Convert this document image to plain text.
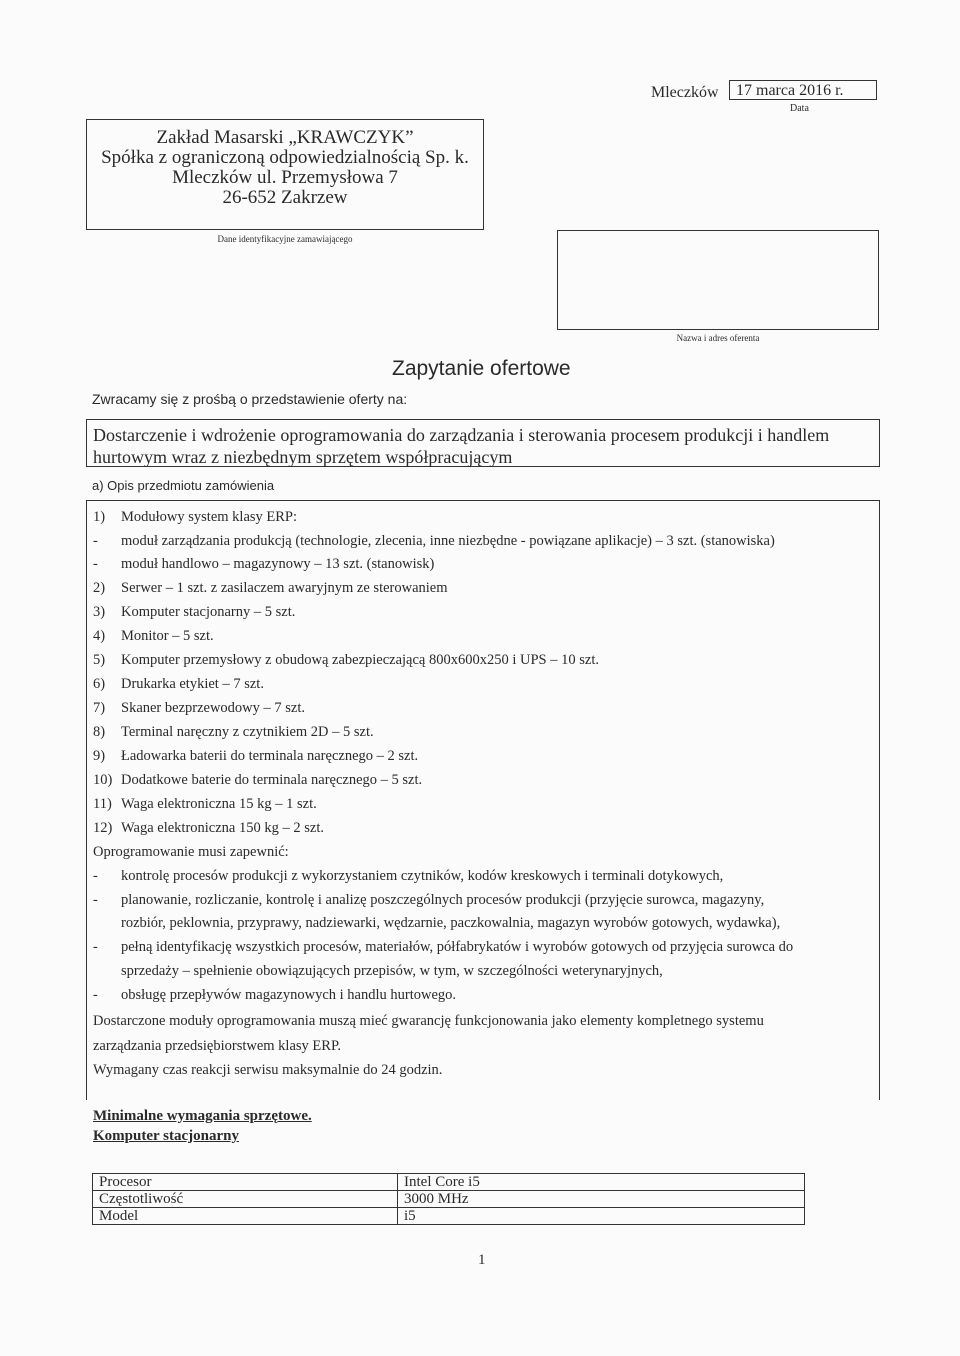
Mleczków	17 marca 2016 r.
Data
Zakład Masarski „KRAWCZYK”
Spółka z ograniczoną odpowiedzialnością Sp. k.
Mleczków ul. Przemysłowa 7
26-652 Zakrzew
Dane identyfikacyjne zamawiającego
Nazwa i adres oferenta
Zapytanie ofertowe
Zwracamy się z prośbą o przedstawienie oferty na:
Dostarczenie i wdrożenie oprogramowania do zarządzania i sterowania procesem produkcji i handlem hurtowym wraz z niezbędnym sprzętem współpracującym
a) Opis przedmiotu zamówienia
1) Modułowy system klasy ERP:
- moduł zarządzania produkcją (technologie, zlecenia, inne niezbędne - powiązane aplikacje) – 3 szt. (stanowiska)
- moduł handlowo – magazynowy – 13 szt. (stanowisk)
2) Serwer – 1 szt. z zasilaczem awaryjnym ze sterowaniem
3) Komputer stacjonarny – 5 szt.
4) Monitor – 5 szt.
5) Komputer przemysłowy z obudową zabezpieczającą 800x600x250 i UPS – 10 szt.
6) Drukarka etykiet – 7 szt.
7) Skaner bezprzewodowy – 7 szt.
8) Terminal naręczny z czytnikiem 2D – 5 szt.
9) Ładowarka baterii do terminala naręcznego – 2 szt.
10) Dodatkowe baterie do terminala naręcznego – 5 szt.
11) Waga elektroniczna 15 kg – 1 szt.
12) Waga elektroniczna 150 kg – 2 szt.
Oprogramowanie musi zapewnić:
- kontrolę procesów produkcji z wykorzystaniem czytników, kodów kreskowych i terminali dotykowych,
- planowanie, rozliczanie, kontrolę i analizę poszczególnych procesów produkcji (przyjęcie surowca, magazyny,
rozbiór, peklownia, przyprawy, nadziewarki, wędzarnie, paczkowalnia, magazyn wyrobów gotowych, wydawka),
- pełną identyfikację wszystkich procesów, materiałów, półfabrykatów i wyrobów gotowych od przyjęcia surowca do
sprzedaży – spełnienie obowiązujących przepisów, w tym, w szczególności weterynaryjnych,
- obsługę przepływów magazynowych i handlu hurtowego.
Dostarczone moduły oprogramowania muszą mieć gwarancję funkcjonowania jako elementy kompletnego systemu
zarządzania przedsiębiorstwem klasy ERP.
Wymagany czas reakcji serwisu maksymalnie do 24 godzin.
Minimalne wymagania sprzętowe.
Komputer stacjonarny
Procesor	Intel Core i5
Częstotliwość	3000 MHz
Model	i5
1
